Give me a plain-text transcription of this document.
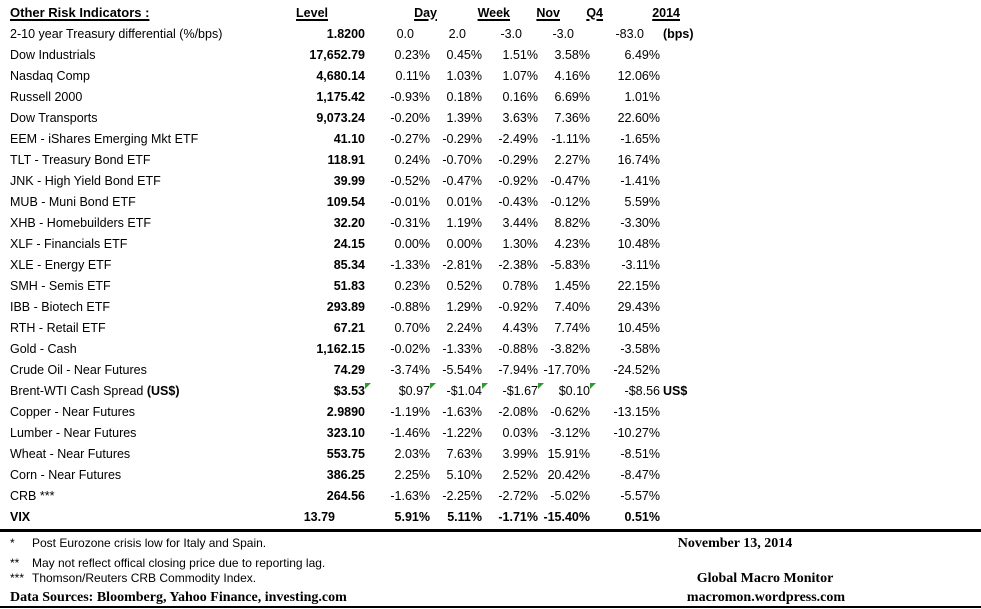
Other Risk Indicators :	Level	Day	Week	Nov	Q4	2014	
2-10 year Treasury differential (%/bps)	1.8200	0.0	2.0	-3.0	-3.0	-83.0	(bps)
Dow Industrials	17,652.79	0.23%	0.45%	1.51%	3.58%	6.49%	
Nasdaq Comp	4,680.14	0.11%	1.03%	1.07%	4.16%	12.06%	
Russell 2000	1,175.42	-0.93%	0.18%	0.16%	6.69%	1.01%	
Dow Transports	9,073.24	-0.20%	1.39%	3.63%	7.36%	22.60%	
EEM - iShares Emerging Mkt ETF	41.10	-0.27%	-0.29%	-2.49%	-1.11%	-1.65%	
TLT - Treasury Bond ETF	118.91	0.24%	-0.70%	-0.29%	2.27%	16.74%	
JNK - High Yield Bond ETF	39.99	-0.52%	-0.47%	-0.92%	-0.47%	-1.41%	
MUB - Muni Bond ETF	109.54	-0.01%	0.01%	-0.43%	-0.12%	5.59%	
XHB - Homebuilders ETF	32.20	-0.31%	1.19%	3.44%	8.82%	-3.30%	
XLF - Financials ETF	24.15	0.00%	0.00%	1.30%	4.23%	10.48%	
XLE - Energy ETF	85.34	-1.33%	-2.81%	-2.38%	-5.83%	-3.11%	
SMH - Semis ETF	51.83	0.23%	0.52%	0.78%	1.45%	22.15%	
IBB - Biotech ETF	293.89	-0.88%	1.29%	-0.92%	7.40%	29.43%	
RTH - Retail ETF	67.21	0.70%	2.24%	4.43%	7.74%	10.45%	
Gold - Cash	1,162.15	-0.02%	-1.33%	-0.88%	-3.82%	-3.58%	
Crude Oil - Near Futures	74.29	-3.74%	-5.54%	-7.94%	-17.70%	-24.52%	
Brent-WTI Cash Spread (US$)	$3.53	$0.97	-$1.04	-$1.67	$0.10	-$8.56	US$
Copper - Near Futures	2.9890	-1.19%	-1.63%	-2.08%	-0.62%	-13.15%	
Lumber - Near Futures	323.10	-1.46%	-1.22%	0.03%	-3.12%	-10.27%	
Wheat - Near Futures	553.75	2.03%	7.63%	3.99%	15.91%	-8.51%	
Corn - Near Futures	386.25	2.25%	5.10%	2.52%	20.42%	-8.47%	
CRB ***	264.56	-1.63%	-2.25%	-2.72%	-5.02%	-5.57%	
VIX	13.79	5.91%	5.11%	-1.71%	-15.40%	0.51%	
* Post Eurozone crisis low for Italy and Spain.
** May not reflect offical closing price due to reporting lag.
*** Thomson/Reuters CRB Commodity Index.
Data Sources: Bloomberg, Yahoo Finance, investing.com
November 13, 2014
Global Macro Monitor
macromon.wordpress.com
